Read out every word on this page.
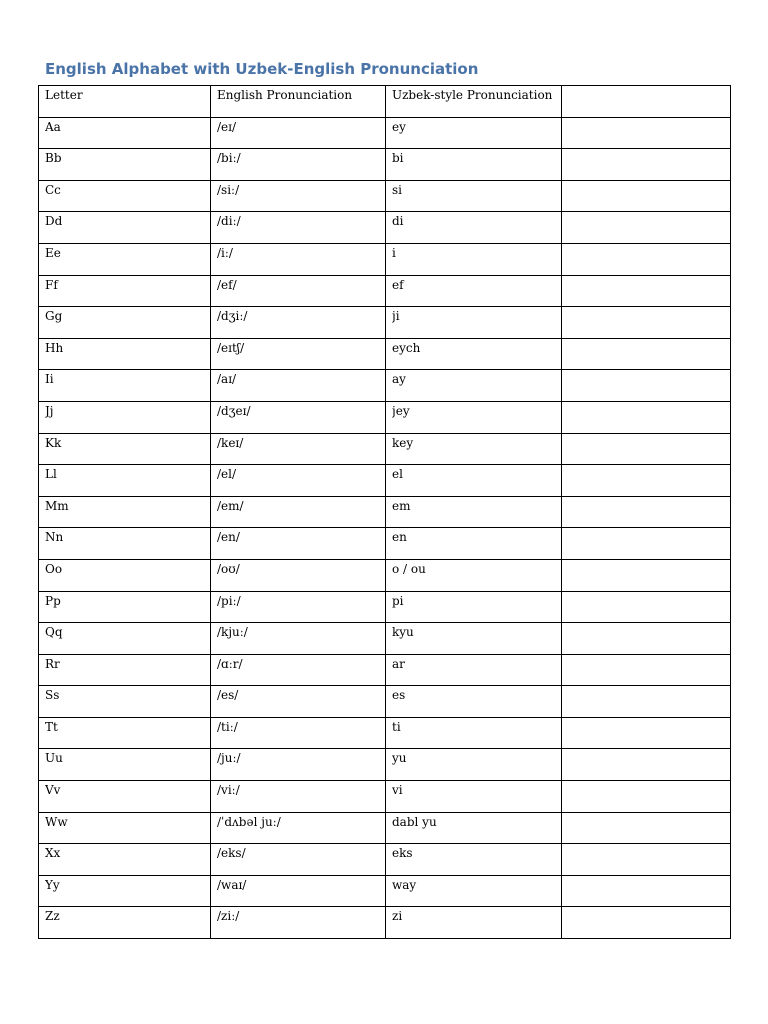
English Alphabet with Uzbek-English Pronunciation
Letter	English Pronunciation	Uzbek-style Pronunciation	

Aa	/eɪ/	ey	

Bb	/biː/	bi	

Cc	/siː/	si	

Dd	/diː/	di	

Ee	/iː/	i	

Ff	/ef/	ef	

Gg	/dʒiː/	ji	

Hh	/eɪtʃ/	eych	

Ii	/aɪ/	ay	

Jj	/dʒeɪ/	jey	

Kk	/keɪ/	key	

Ll	/el/	el	

Mm	/em/	em	

Nn	/en/	en	

Oo	/oʊ/	o / ou	

Pp	/piː/	pi	

Qq	/kjuː/	kyu	

Rr	/ɑːr/	ar	

Ss	/es/	es	

Tt	/tiː/	ti	

Uu	/juː/	yu	

Vv	/viː/	vi	

Ww	/ˈdʌbəl juː/	dabl yu	

Xx	/eks/	eks	

Yy	/waɪ/	way	

Zz	/ziː/	zi	
